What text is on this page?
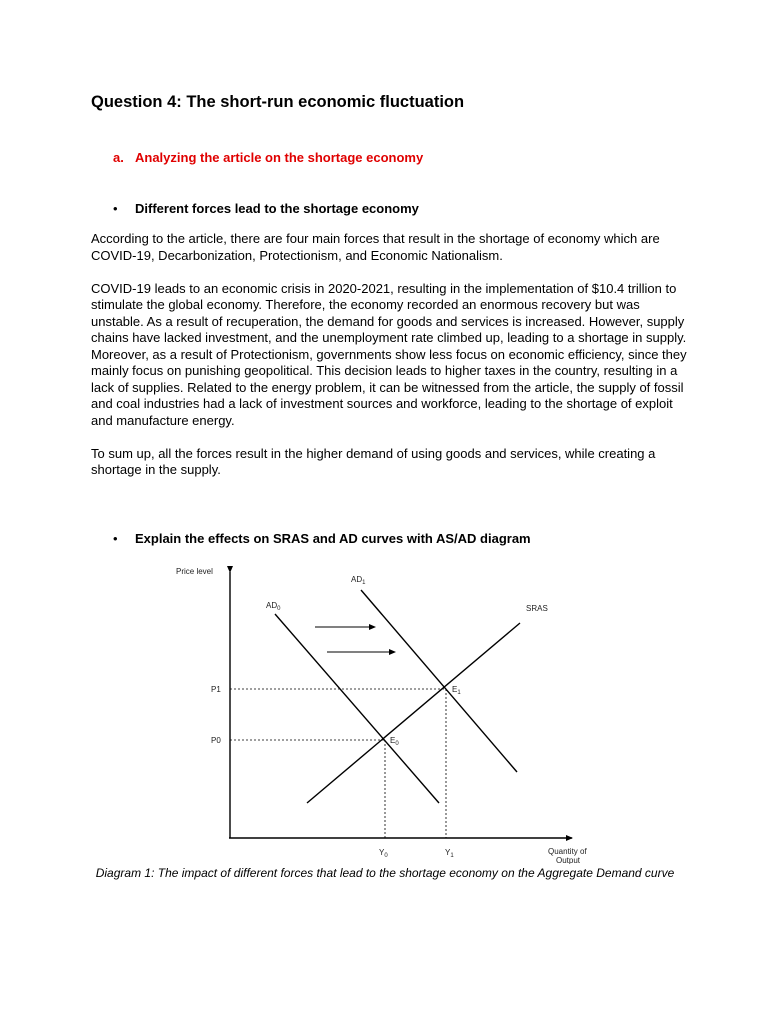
Question 4: The short-run economic fluctuation
a. Analyzing the article on the shortage economy
• Different forces lead to the shortage economy

According to the article, there are four main forces that result in the shortage of economy which are COVID-19, Decarbonization, Protectionism, and Economic Nationalism.

COVID-19 leads to an economic crisis in 2020-2021, resulting in the implementation of $10.4 trillion to stimulate the global economy. Therefore, the economy recorded an enormous recovery but was unstable. As a result of recuperation, the demand for goods and services is increased. However, supply chains have lacked investment, and the unemployment rate climbed up, leading to a shortage in supply. Moreover, as a result of Protectionism, governments show less focus on economic efficiency, since they mainly focus on punishing geopolitical. This decision leads to higher taxes in the country, resulting in a lack of supplies. Related to the energy problem, it can be witnessed from the article, the supply of fossil and coal industries had a lack of investment sources and workforce, leading to the shortage of exploit and manufacture energy.

To sum up, all the forces result in the higher demand of using goods and services, while creating a shortage in the supply.

• Explain the effects on SRAS and AD curves with AS/AD diagram
Price level
Quantity of
Output
P1
P0
$AD_0$
$AD_1$
SRAS
$E_1$
$E_0$
$Y_0$	$Y_1$

Diagram 1: The impact of different forces that lead to the shortage economy on the Aggregate Demand curve
